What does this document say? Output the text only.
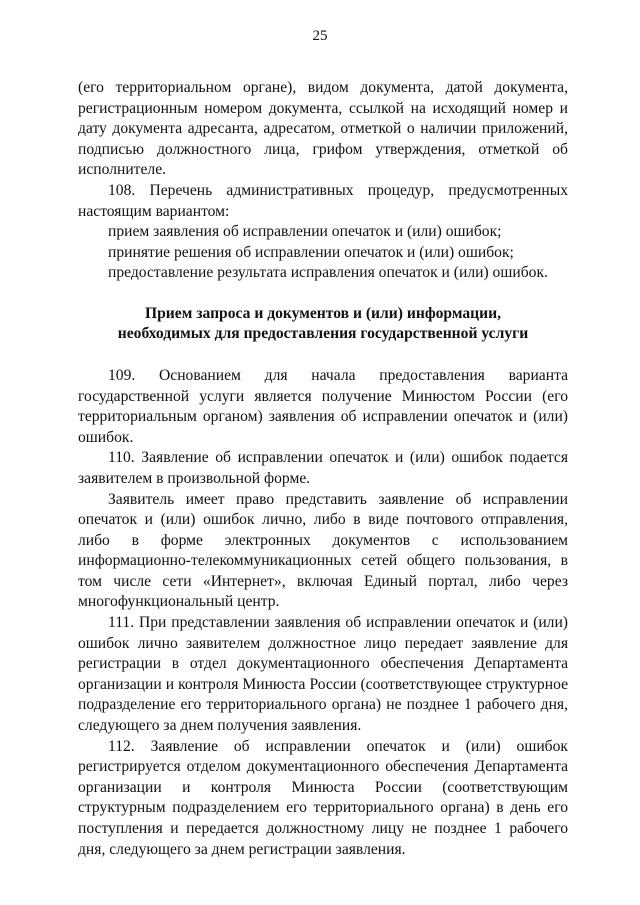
25

(его территориальном органе), видом документа, датой документа, регистрационным номером документа, ссылкой на исходящий номер и дату документа адресанта, адресатом, отметкой о наличии приложений, подписью должностного лица, грифом утверждения, отметкой об исполнителе.

108. Перечень административных процедур, предусмотренных настоящим вариантом:

прием заявления об исправлении опечаток и (или) ошибок;

принятие решения об исправлении опечаток и (или) ошибок;

предоставление результата исправления опечаток и (или) ошибок.

Прием запроса и документов и (или) информации,
необходимых для предоставления государственной услуги

109. Основанием для начала предоставления варианта государственной услуги является получение Минюстом России (его территориальным органом) заявления об исправлении опечаток и (или) ошибок.

110. Заявление об исправлении опечаток и (или) ошибок подается заявителем в произвольной форме.

Заявитель имеет право представить заявление об исправлении опечаток и (или) ошибок лично, либо в виде почтового отправления, либо в форме электронных документов с использованием информационно-телекоммуникационных сетей общего пользования, в том числе сети «Интернет», включая Единый портал, либо через многофункциональный центр.

111. При представлении заявления об исправлении опечаток и (или) ошибок лично заявителем должностное лицо передает заявление для регистрации в отдел документационного обеспечения Департамента организации и контроля Минюста России (соответствующее структурное подразделение его территориального органа) не позднее 1 рабочего дня, следующего за днем получения заявления.

112. Заявление об исправлении опечаток и (или) ошибок регистрируется отделом документационного обеспечения Департамента организации и контроля Минюста России (соответствующим структурным подразделением его территориального органа) в день его поступления и передается должностному лицу не позднее 1 рабочего дня, следующего за днем регистрации заявления.
